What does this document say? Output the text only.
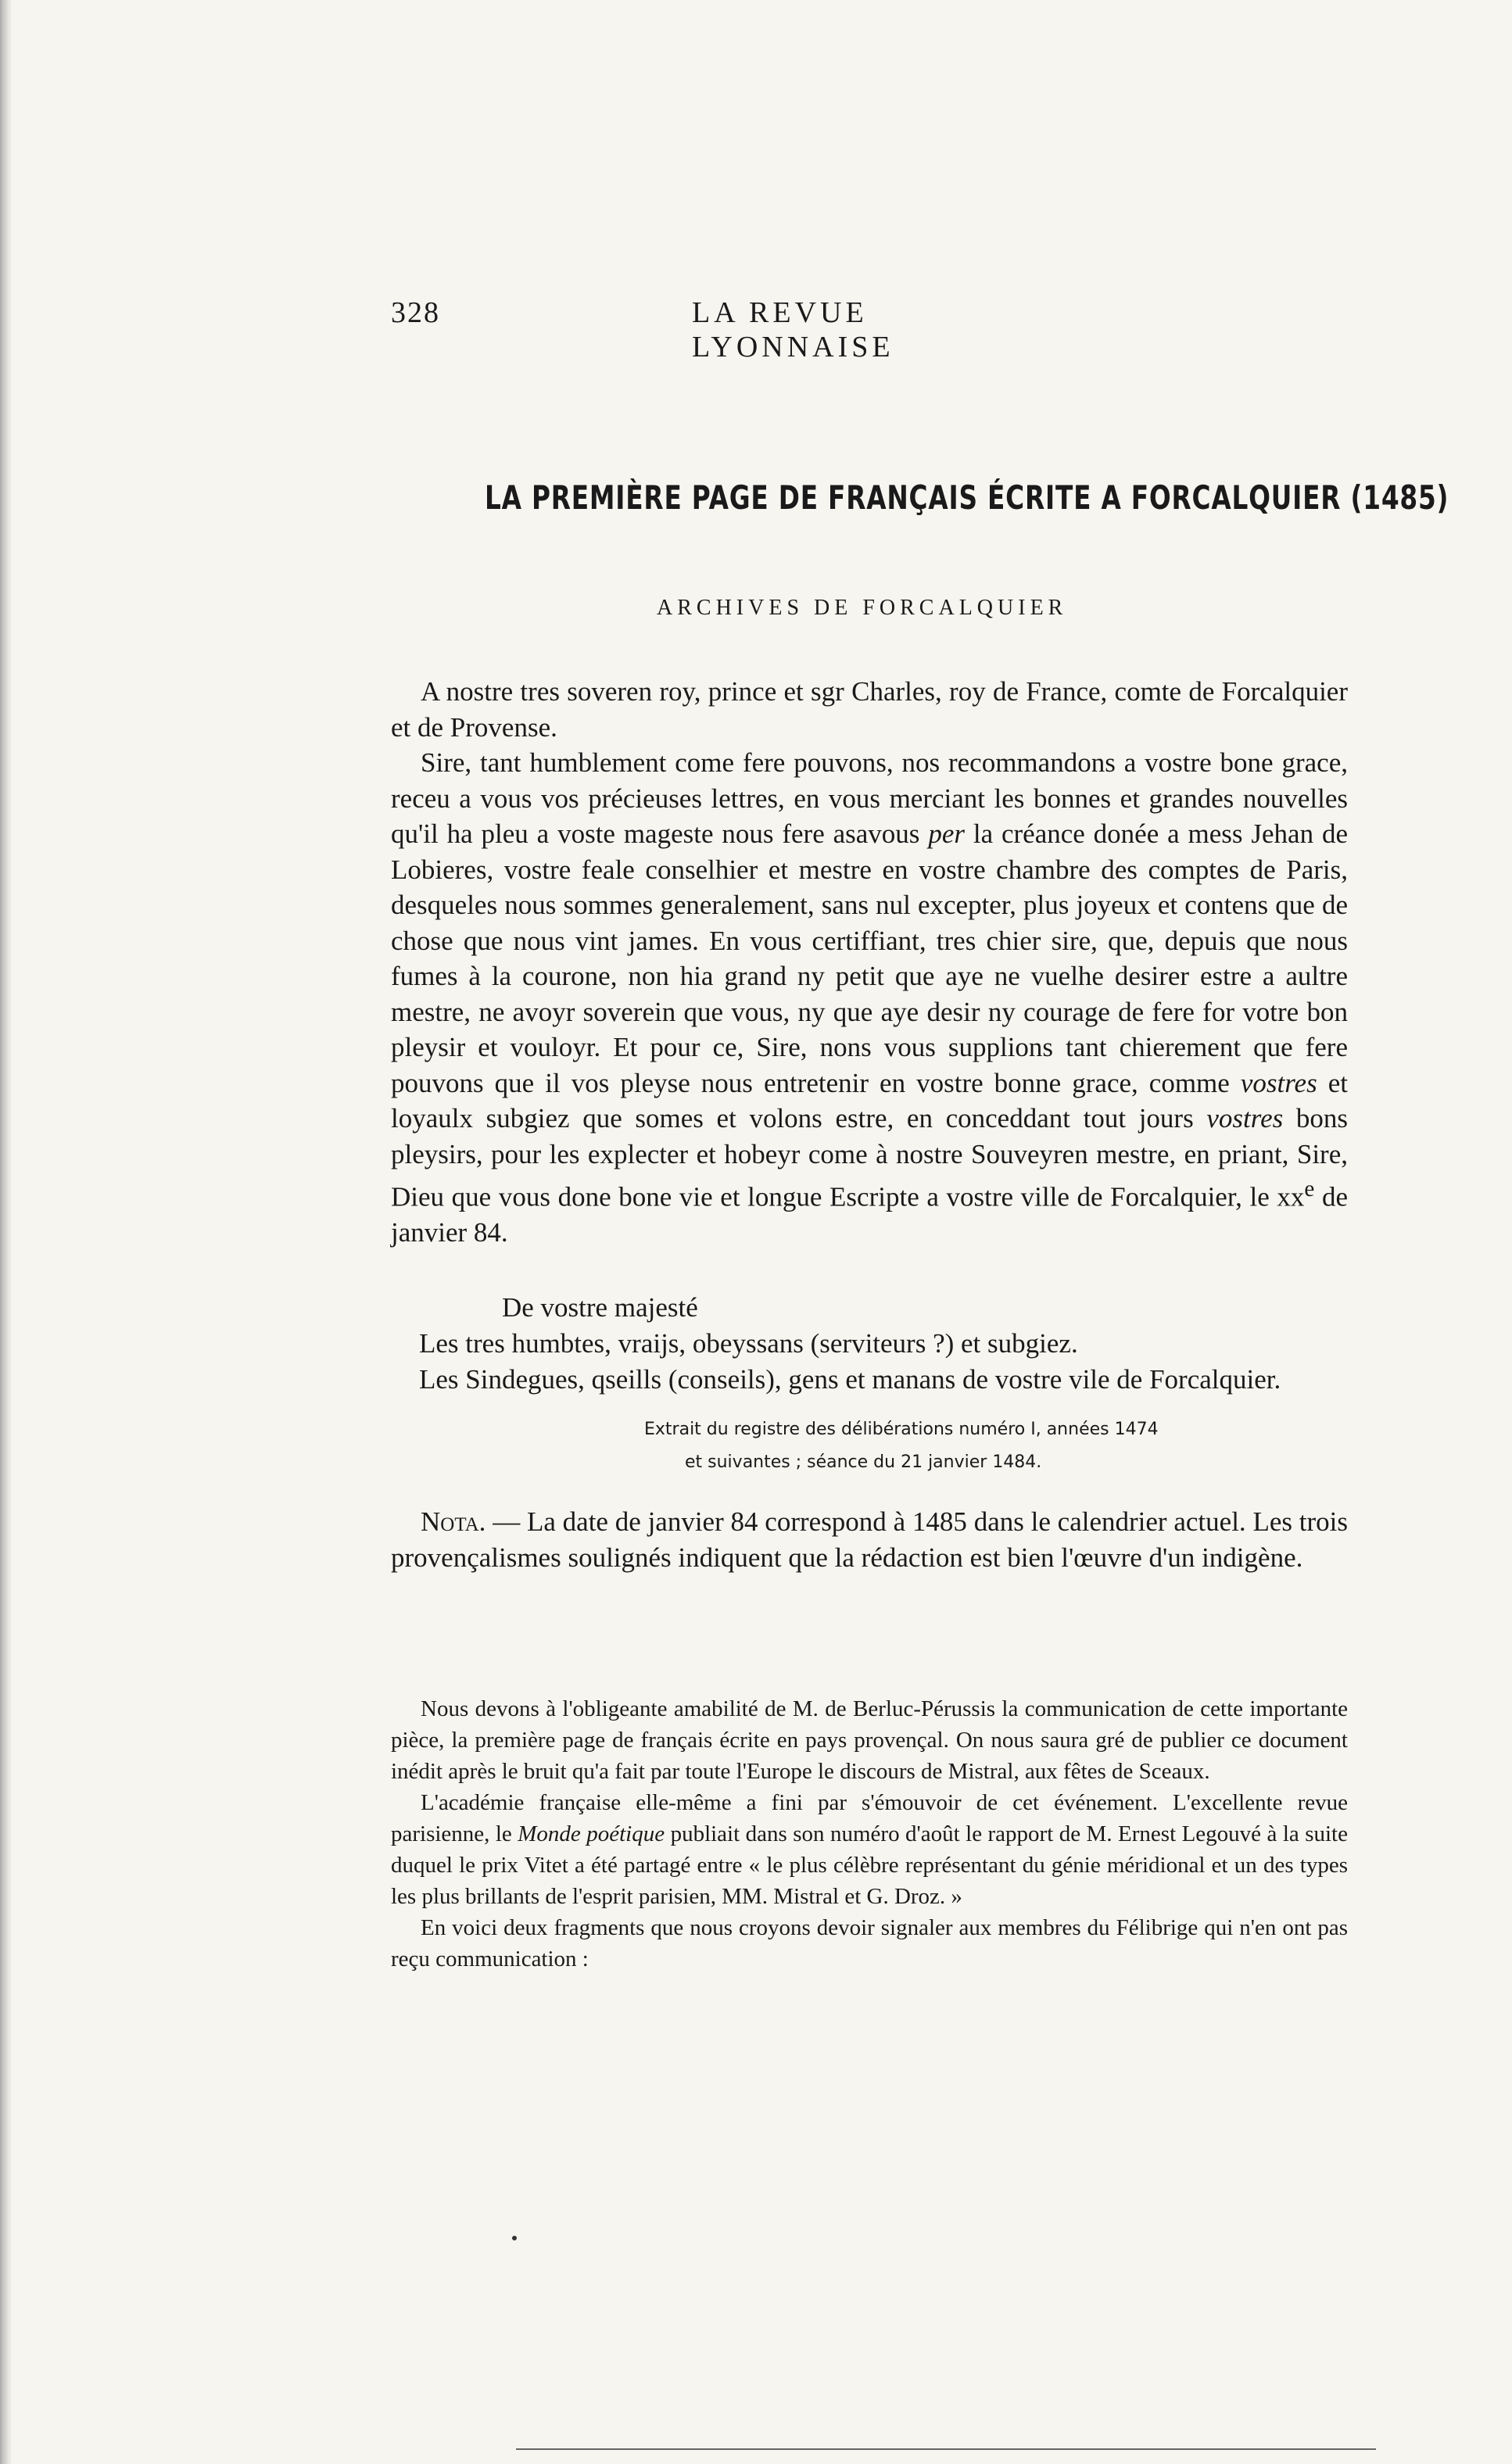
328	LA REVUE LYONNAISE
LA PREMIÈRE PAGE DE FRANÇAIS ÉCRITE A FORCALQUIER (1485)
ARCHIVES DE FORCALQUIER

A nostre tres soveren roy, prince et sgr Charles, roy de France, comte de Forcalquier et de Provense.

Sire, tant humblement come fere pouvons, nos recommandons a vostre bone grace, receu a vous vos précieuses lettres, en vous merciant les bonnes et grandes nouvelles qu'il ha pleu a voste mageste nous fere asavous per la créance donée a mess Jehan de Lobieres, vostre feale conselhier et mestre en vostre chambre des comptes de Paris, desqueles nous sommes generalement, sans nul excepter, plus joyeux et contens que de chose que nous vint james. En vous certiffiant, tres chier sire, que, depuis que nous fumes à la courone, non hia grand ny petit que aye ne vuelhe desirer estre a aultre mestre, ne avoyr soverein que vous, ny que aye desir ny courage de fere for votre bon pleysir et vouloyr. Et pour ce, Sire, nons vous supplions tant chierement que fere pouvons que il vos pleyse nous entretenir en vostre bonne grace, comme vostres et loyaulx subgiez que somes et volons estre, en conceddant tout jours vostres bons pleysirs, pour les explecter et hobeyr come à nostre Souveyren mestre, en priant, Sire, Dieu que vous done bone vie et longue Escripte a vostre ville de Forcalquier, le $xx^e$ de janvier 84.

De vostre majesté
Les tres humbtes, vraijs, obeyssans (serviteurs ?) et subgiez.
Les Sindegues, qseills (conseils), gens et manans de vostre vile de Forcalquier.
Extrait du registre des délibérations numéro I, années 1474
et suivantes ; séance du 21 janvier 1484.

Nota. — La date de janvier 84 correspond à 1485 dans le calendrier actuel. Les trois provençalismes soulignés indiquent que la rédaction est bien l'œuvre d'un indigène.

Nous devons à l'obligeante amabilité de M. de Berluc-Pérussis la communication de cette importante pièce, la première page de français écrite en pays provençal. On nous saura gré de publier ce document inédit après le bruit qu'a fait par toute l'Europe le discours de Mistral, aux fêtes de Sceaux.

L'académie française elle-même a fini par s'émouvoir de cet événement. L'excellente revue parisienne, le Monde poétique publiait dans son numéro d'août le rapport de M. Ernest Legouvé à la suite duquel le prix Vitet a été partagé entre « le plus célèbre représentant du génie méridional et un des types les plus brillants de l'esprit parisien, MM. Mistral et G. Droz. »

En voici deux fragments que nous croyons devoir signaler aux membres du Félibrige qui n'en ont pas reçu communication :
